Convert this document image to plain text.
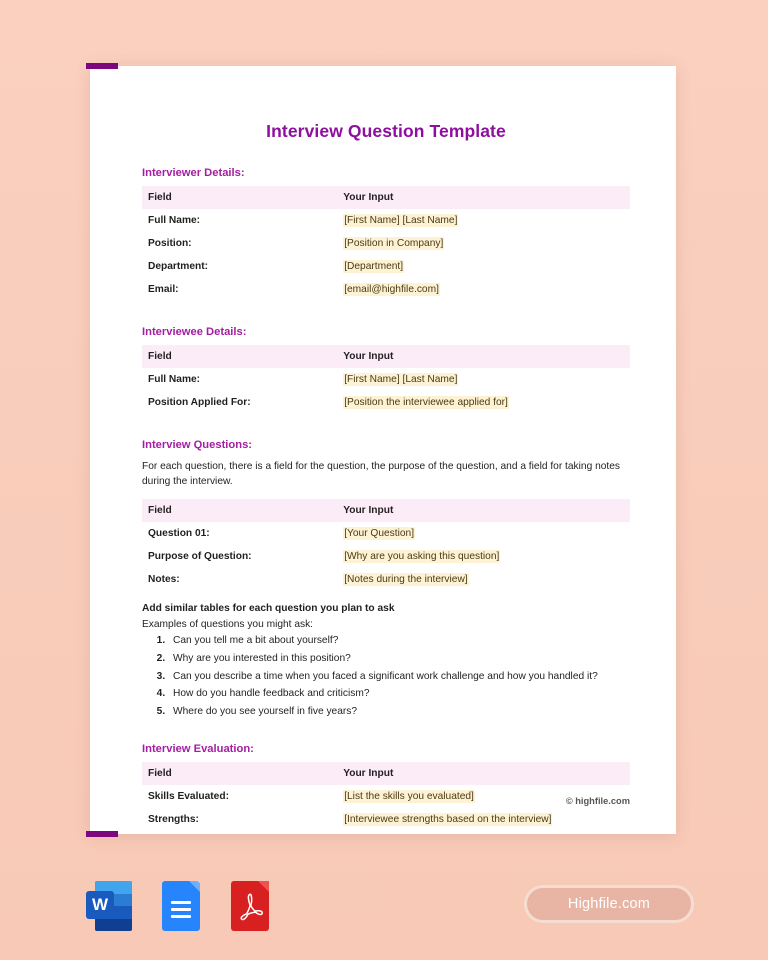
Interview Question Template
Interviewer Details:
Field	Your Input
Full Name:	[First Name] [Last Name]
Position:	[Position in Company]
Department:	[Department]
Email:	[email@highfile.com]
Interviewee Details:
Field	Your Input
Full Name:	[First Name] [Last Name]
Position Applied For:	[Position the interviewee applied for]
Interview Questions:
For each question, there is a field for the question, the purpose of the question, and a field for taking notes during the interview.
Field	Your Input
Question 01:	[Your Question]
Purpose of Question:	[Why are you asking this question]
Notes:	[Notes during the interview]
Add similar tables for each question you plan to ask
Examples of questions you might ask:
1. Can you tell me a bit about yourself?
2. Why are you interested in this position?
3. Can you describe a time when you faced a significant work challenge and how you handled it?
4. How do you handle feedback and criticism?
5. Where do you see yourself in five years?
Interview Evaluation:
Field	Your Input
Skills Evaluated:	[List the skills you evaluated]
Strengths:	[Interviewee strengths based on the interview]
© highfile.com
W	Highfile.com
